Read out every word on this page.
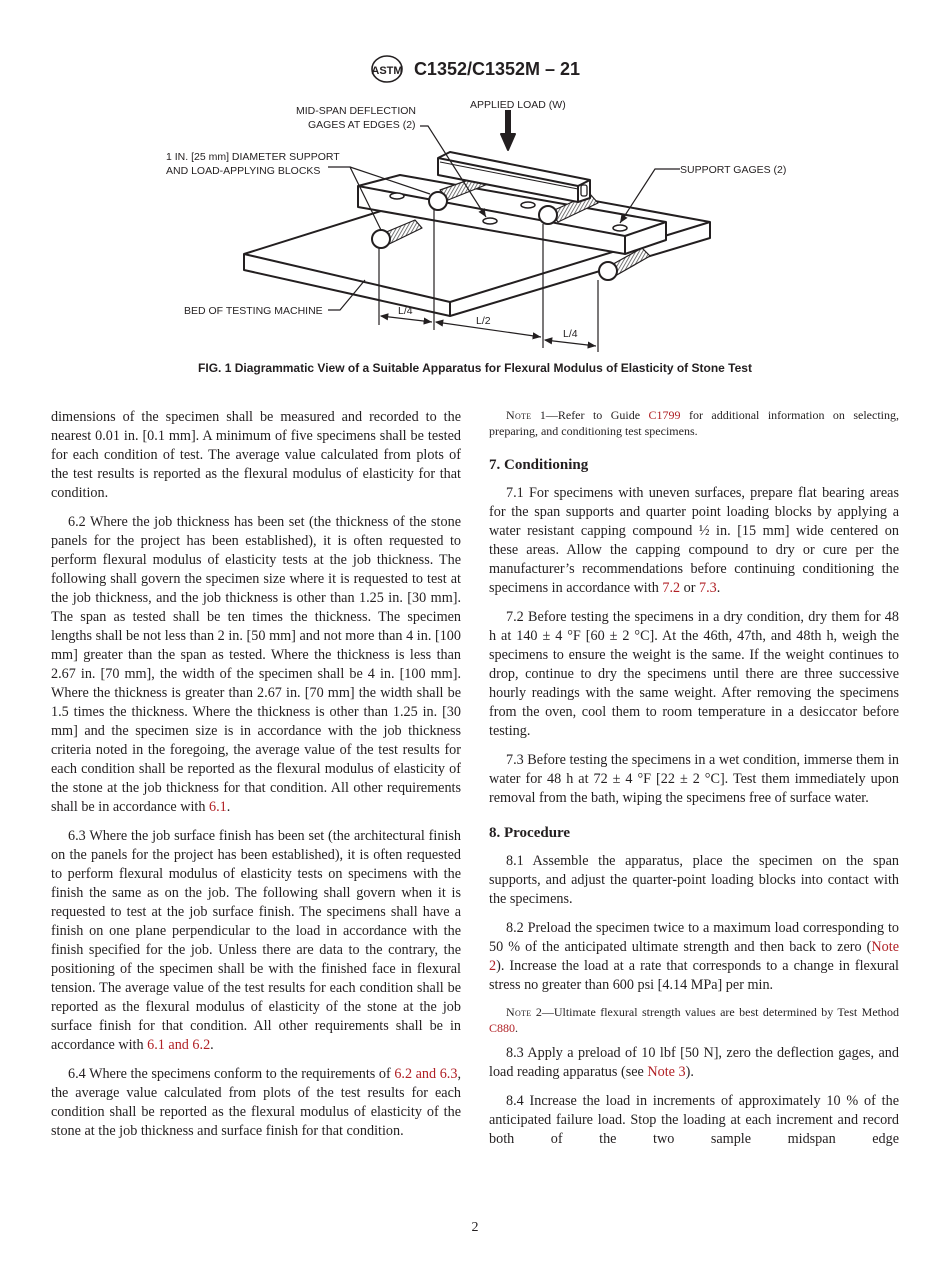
ASTM C1352/C1352M – 21
APPLIED LOAD (W)
MID-SPAN DEFLECTION
GAGES AT EDGES (2)
1 IN. [25 mm] DIAMETER SUPPORT
AND LOAD-APPLYING BLOCKS	SUPPORT GAGES (2)
BED OF TESTING MACHINE	L/4
L/2
L/4
FIG. 1 Diagrammatic View of a Suitable Apparatus for Flexural Modulus of Elasticity of Stone Test

dimensions of the specimen shall be measured and recorded to the nearest 0.01 in. [0.1 mm]. A minimum of five specimens shall be tested for each condition of test. The average value calculated from plots of the test results is reported as the flexural modulus of elasticity for that condition.

6.2 Where the job thickness has been set (the thickness of the stone panels for the project has been established), it is often requested to perform flexural modulus of elasticity tests at the job thickness. The following shall govern the specimen size where it is requested to test at the job thickness, and the job thickness is other than 1.25 in. [30 mm]. The span as tested shall be ten times the thickness. The specimen lengths shall be not less than 2 in. [50 mm] and not more than 4 in. [100 mm] greater than the span as tested. Where the thickness is less than 2.67 in. [70 mm], the width of the specimen shall be 4 in. [100 mm]. Where the thickness is greater than 2.67 in. [70 mm] the width shall be 1.5 times the thickness. Where the thickness is other than 1.25 in. [30 mm] and the specimen size is in accordance with the job thickness criteria noted in the foregoing, the average value of the test results for each condition shall be reported as the flexural modulus of elasticity of the stone at the job thickness for that condition. All other requirements shall be in accordance with 6.1.

6.3 Where the job surface finish has been set (the architectural finish on the panels for the project has been established), it is often requested to perform flexural modulus of elasticity tests on specimens with the finish the same as on the job. The following shall govern when it is requested to test at the job surface finish. The specimens shall have a finish on one plane perpendicular to the load in accordance with the finish specified for the job. Unless there are data to the contrary, the positioning of the specimen shall be with the finished face in flexural tension. The average value of the test results for each condition shall be reported as the flexural modulus of elasticity of the stone at the job surface finish for that condition. All other requirements shall be in accordance with 6.1 and 6.2.

6.4 Where the specimens conform to the requirements of 6.2 and 6.3, the average value calculated from plots of the test results for each condition shall be reported as the flexural modulus of elasticity of the stone at the job thickness and surface finish for that condition.

Note 1—Refer to Guide C1799 for additional information on selecting, preparing, and conditioning test specimens.

7. Conditioning

7.1 For specimens with uneven surfaces, prepare flat bearing areas for the span supports and quarter point loading blocks by applying a water resistant capping compound ½ in. [15 mm] wide centered on these areas. Allow the capping compound to dry or cure per the manufacturer’s recommendations before continuing conditioning the specimens in accordance with 7.2 or 7.3.

7.2 Before testing the specimens in a dry condition, dry them for 48 h at 140 ± 4 °F [60 ± 2 °C]. At the 46th, 47th, and 48th h, weigh the specimens to ensure the weight is the same. If the weight continues to drop, continue to dry the specimens until there are three successive hourly readings with the same weight. After removing the specimens from the oven, cool them to room temperature in a desiccator before testing.

7.3 Before testing the specimens in a wet condition, immerse them in water for 48 h at 72 ± 4 °F [22 ± 2 °C]. Test them immediately upon removal from the bath, wiping the specimens free of surface water.

8. Procedure

8.1 Assemble the apparatus, place the specimen on the span supports, and adjust the quarter-point loading blocks into contact with the specimens.

8.2 Preload the specimen twice to a maximum load corresponding to 50 % of the anticipated ultimate strength and then back to zero (Note 2). Increase the load at a rate that corresponds to a change in flexural stress no greater than 600 psi [4.14 MPa] per min.

Note 2—Ultimate flexural strength values are best determined by Test Method C880.

8.3 Apply a preload of 10 lbf [50 N], zero the deflection gages, and load reading apparatus (see Note 3).

8.4 Increase the load in increments of approximately 10 % of the anticipated failure load. Stop the loading at each increment and record both of the two sample midspan edge

2
